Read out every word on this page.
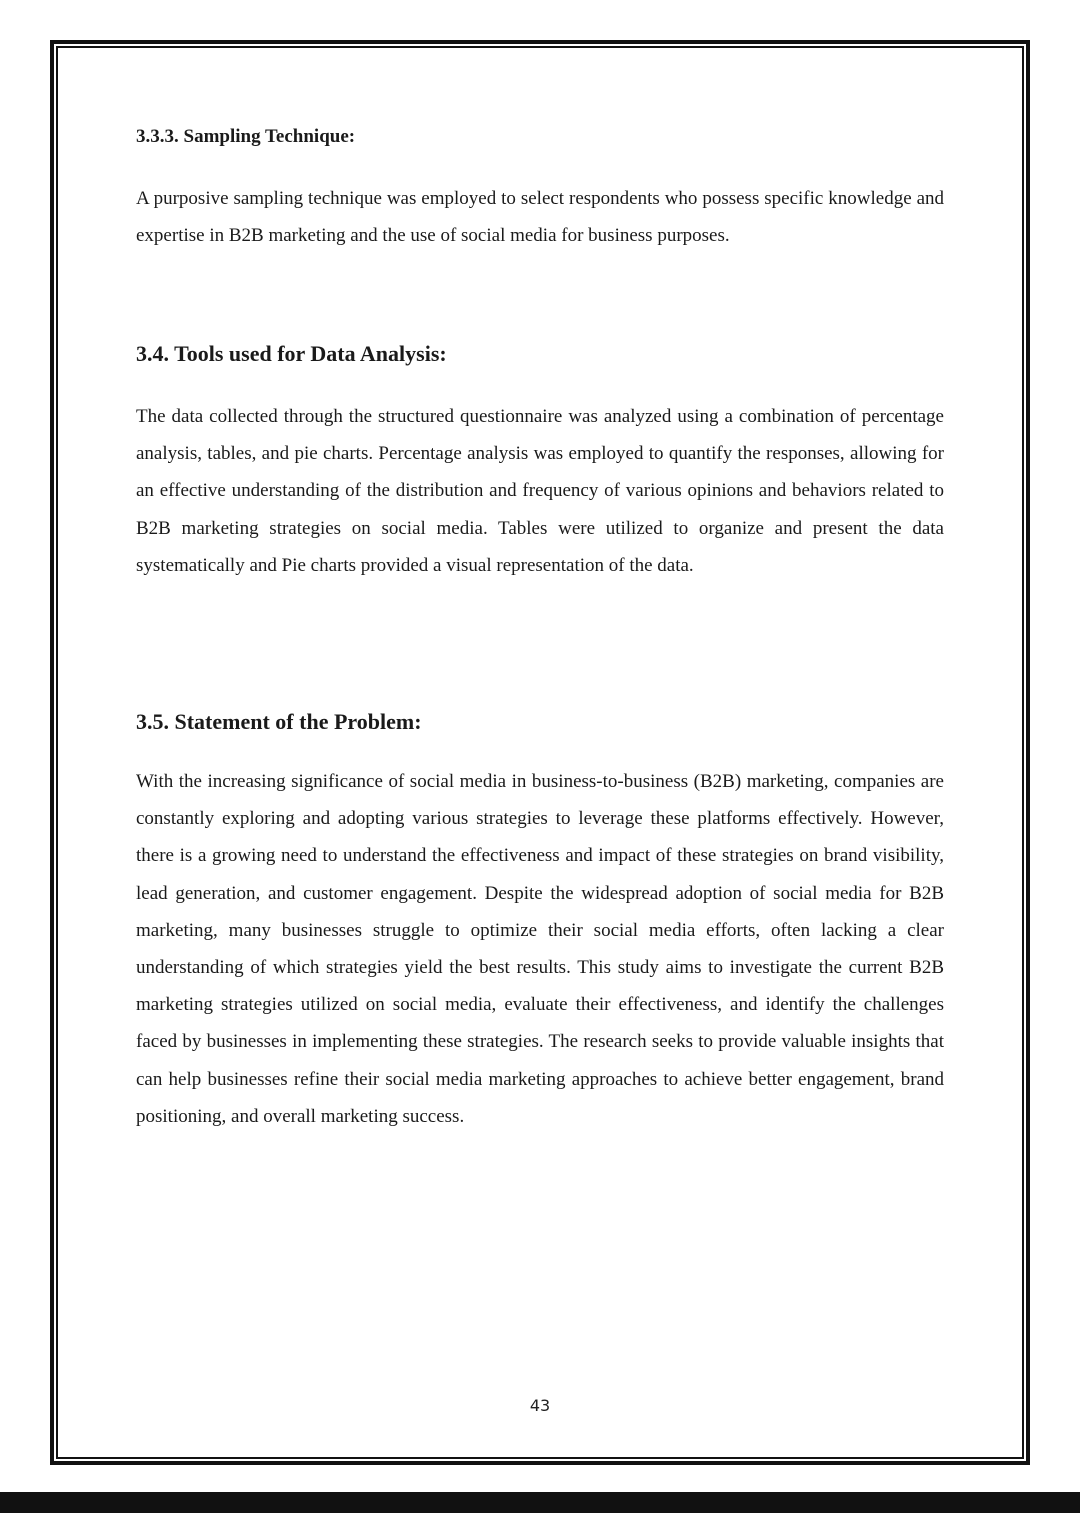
3.3.3. Sampling Technique:

A purposive sampling technique was employed to select respondents who possess specific knowledge and expertise in B2B marketing and the use of social media for business purposes.

3.4. Tools used for Data Analysis:

The data collected through the structured questionnaire was analyzed using a combination of percentage analysis, tables, and pie charts. Percentage analysis was employed to quantify the responses, allowing for an effective understanding of the distribution and frequency of various opinions and behaviors related to B2B marketing strategies on social media. Tables were utilized to organize and present the data systematically and Pie charts provided a visual representation of the data.

3.5. Statement of the Problem:

With the increasing significance of social media in business-to-business (B2B) marketing, companies are constantly exploring and adopting various strategies to leverage these platforms effectively. However, there is a growing need to understand the effectiveness and impact of these strategies on brand visibility, lead generation, and customer engagement. Despite the widespread adoption of social media for B2B marketing, many businesses struggle to optimize their social media efforts, often lacking a clear understanding of which strategies yield the best results. This study aims to investigate the current B2B marketing strategies utilized on social media, evaluate their effectiveness, and identify the challenges faced by businesses in implementing these strategies. The research seeks to provide valuable insights that can help businesses refine their social media marketing approaches to achieve better engagement, brand positioning, and overall marketing success.

43
